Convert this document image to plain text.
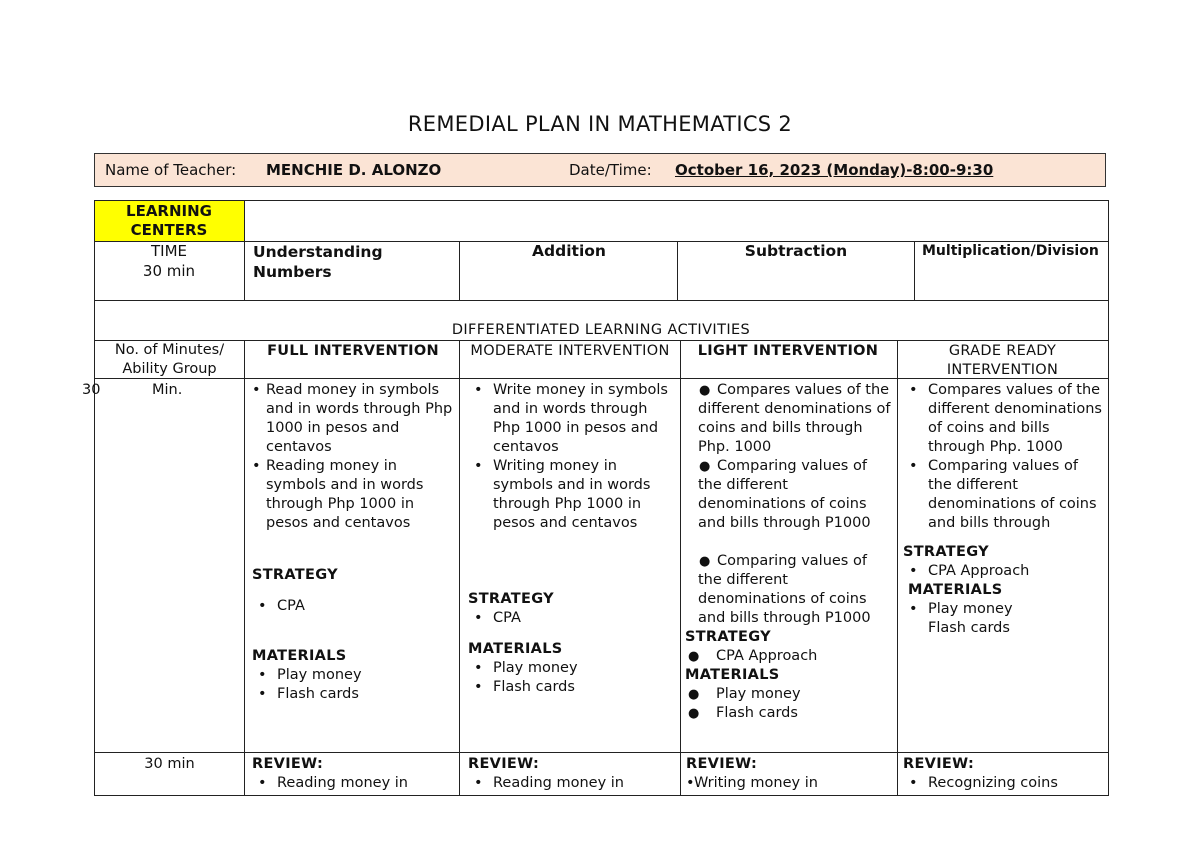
REMEDIAL PLAN IN MATHEMATICS 2
Name of Teacher: MENCHIE D. ALONZO	Date/Time: October 16, 2023 (Monday)-8:00-9:30
LEARNING CENTERS
TIME
30 min
Understanding Numbers
Addition	Subtraction	Multiplication/Division
DIFFERENTIATED LEARNING ACTIVITIES
No. of Minutes/ Ability Group
FULL INTERVENTION	MODERATE INTERVENTION	LIGHT INTERVENTION	GRADE READY INTERVENTION
30	Min.
•	Read money in symbols and in words through Php 1000 in pesos and centavos
• Reading money in symbols and in words through Php 1000 in pesos and centavos
STRATEGY
• CPA
MATERIALS
• Play money
• Flash cards
• Write money in symbols and in words through Php 1000 in pesos and centavos
• Writing money in symbols and in words through Php 1000 in pesos and centavos
STRATEGY
• CPA
MATERIALS
• Play money
• Flash cards
● Compares values of the different denominations of coins and bills through Php. 1000
● Comparing values of the different denominations of coins and bills through P1000
● Comparing values of the different denominations of coins and bills through P1000
STRATEGY
● CPA Approach
MATERIALS
● Play money
● Flash cards
• Compares values of the different denominations of coins and bills through Php. 1000
• Comparing values of the different denominations of coins and bills through
STRATEGY
• CPA Approach
MATERIALS
• Play money
Flash cards
30 min	REVIEW:
• Reading money in
REVIEW:
• Reading money in
REVIEW:
• Writing money in
REVIEW:
• Recognizing coins
